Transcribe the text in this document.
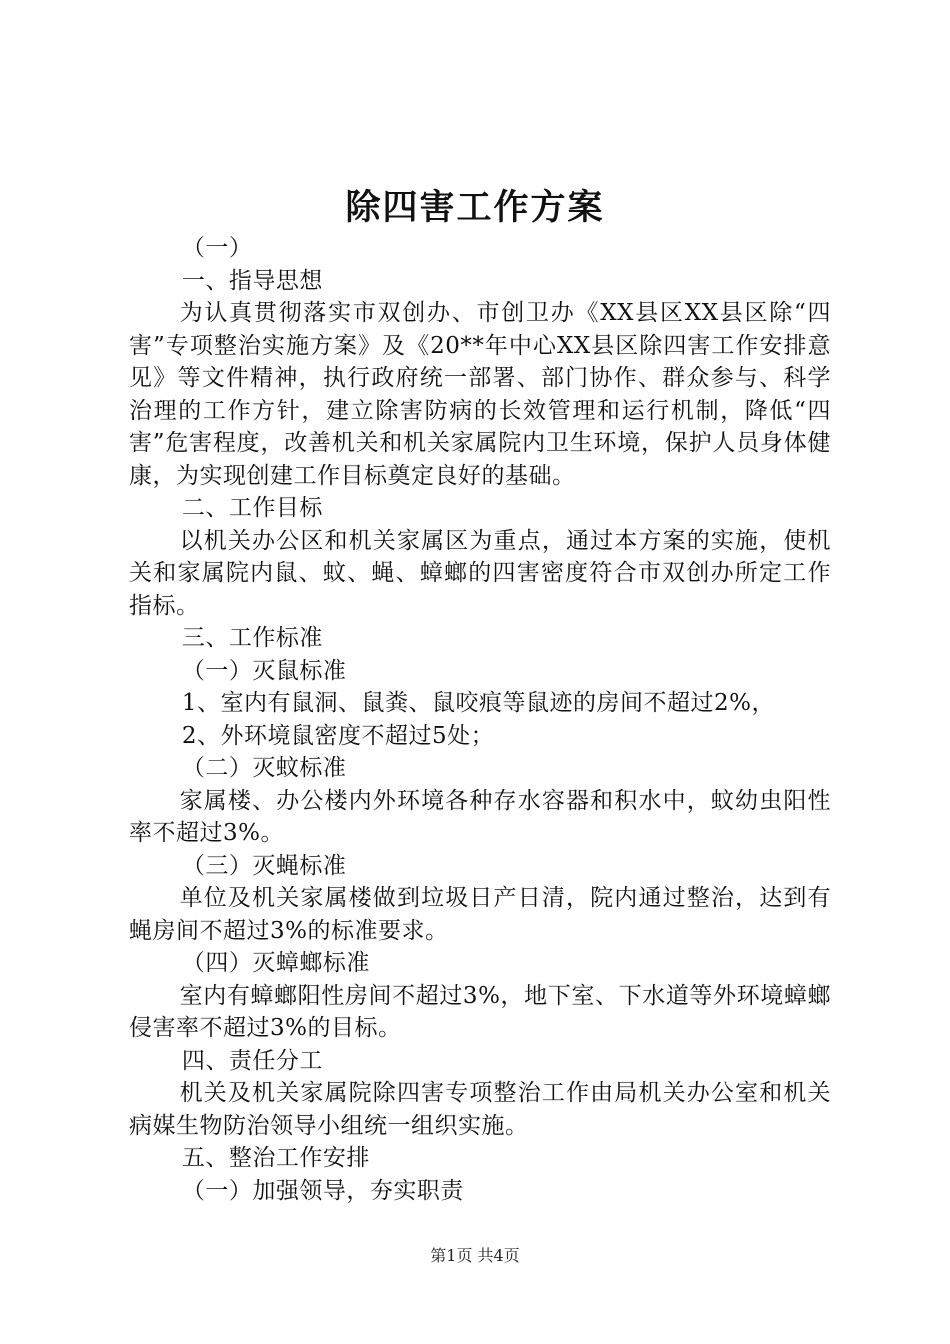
除四害工作方案

（一）

一、指导思想

为认真贯彻落实市双创办、市创卫办《XX县区XX县区除“四害”专项整治实施方案》及《20**年中心XX县区除四害工作安排意见》等文件精神，执行政府统一部署、部门协作、群众参与、科学治理的工作方针，建立除害防病的长效管理和运行机制，降低“四害”危害程度，改善机关和机关家属院内卫生环境，保护人员身体健康，为实现创建工作目标奠定良好的基础。

二、工作目标

以机关办公区和机关家属区为重点，通过本方案的实施，使机关和家属院内鼠、蚊、蝇、蟑螂的四害密度符合市双创办所定工作指标。

三、工作标准

（一）灭鼠标准

1、室内有鼠洞、鼠粪、鼠咬痕等鼠迹的房间不超过2%，

2、外环境鼠密度不超过5处；

（二）灭蚊标准

家属楼、办公楼内外环境各种存水容器和积水中，蚊幼虫阳性率不超过3%。

（三）灭蝇标准

单位及机关家属楼做到垃圾日产日清，院内通过整治，达到有蝇房间不超过3%的标准要求。

（四）灭蟑螂标准

室内有蟑螂阳性房间不超过3%，地下室、下水道等外环境蟑螂侵害率不超过3%的目标。

四、责任分工

机关及机关家属院除四害专项整治工作由局机关办公室和机关病媒生物防治领导小组统一组织实施。

五、整治工作安排

（一）加强领导，夯实职责

第1页 共4页
